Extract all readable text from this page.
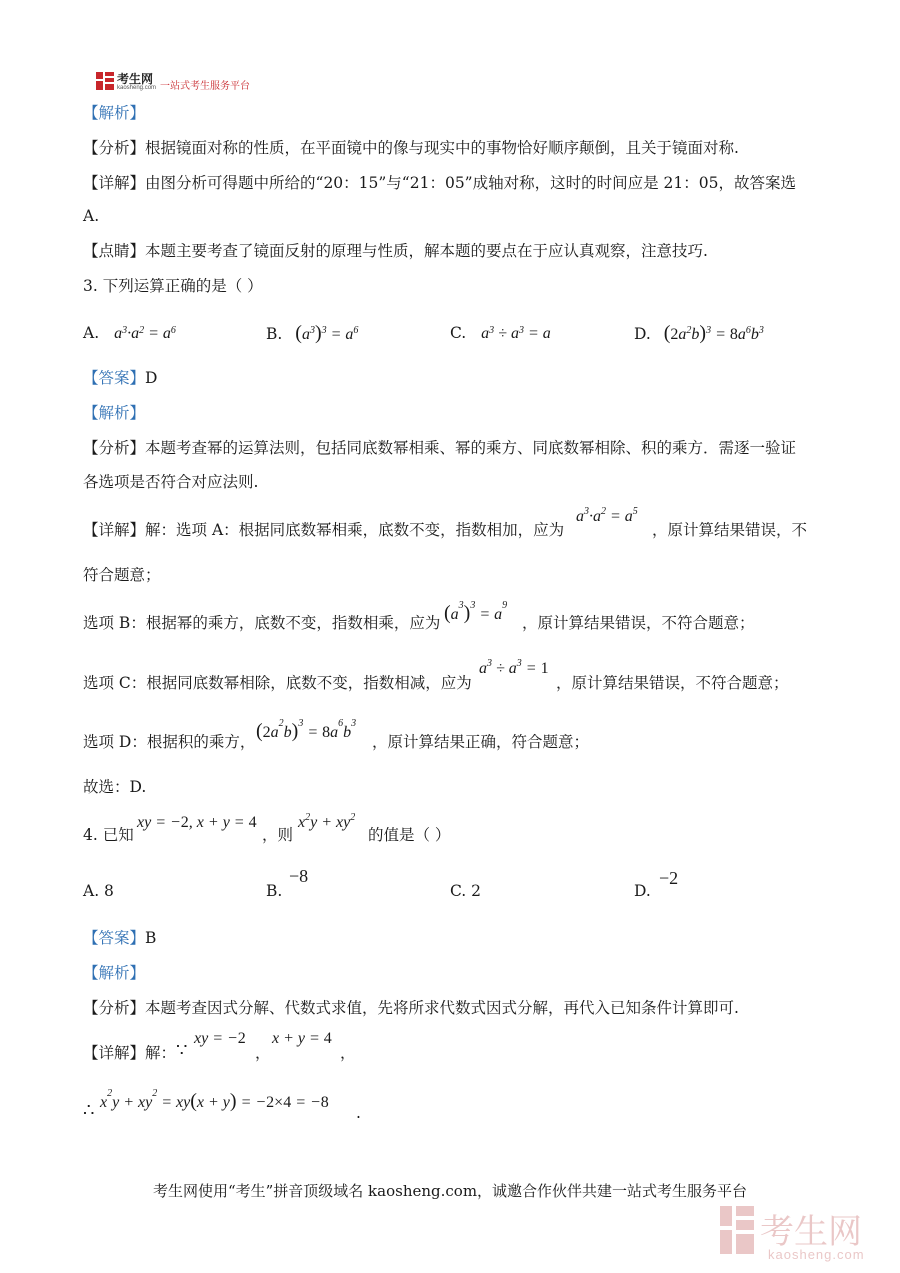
考生网
kaosheng.com 一站式考生服务平台
【解析】
【分析】根据镜面对称的性质，在平面镜中的像与现实中的事物恰好顺序颠倒，且关于镜面对称.
【详解】由图分析可得题中所给的“20：15”与“21：05”成轴对称，这时的时间应是 21：05，故答案选
A.
【点睛】本题主要考查了镜面反射的原理与性质，解本题的要点在于应认真观察，注意技巧.
3. 下列运算正确的是（ ）
A. $a^3\cdot a^2 = a^6$	B. $(a^3)^3 = a^6$	C. $a^3 \div a^3 = a$	D. $(2a^2b)^3 = 8a^6b^3$
【答案】D
【解析】
【分析】本题考查幂的运算法则，包括同底数幂相乘、幂的乘方、同底数幂相除、积的乘方．需逐一验证
各选项是否符合对应法则.
【详解】解：选项 A：根据同底数幂相乘，底数不变，指数相加，应为
$a^3\cdot a^2 = a^5$
，原计算结果错误，不
符合题意；
选项 B：根据幂的乘方，底数不变，指数相乘，应为 $(a^3)^3 = a^9$
，原计算结果错误，不符合题意；
选项 C：根据同底数幂相除，底数不变，指数相减，应为
$a^3 \div a^3 = 1$
，原计算结果错误，不符合题意；
选项 D：根据积的乘方， $(2a^2b)^3 = 8a^6b^3$
，原计算结果正确，符合题意；
故选：D.
4. 已知
xy = −2, x + y = 4
，则
$x^2y + xy^2$
的值是（ ）
A. 8	B.
−8
C. 2	D.
−2
【答案】B
【解析】
【分析】本题考查因式分解、代数式求值，先将所求代数式因式分解，再代入已知条件计算即可.
【详解】解： ∵
xy = −2
，
x + y = 4
，
∴ $x^2y + xy^2 = xy(x + y) = -2\times 4 = -8$
.
考生网使用“考生”拼音顶级域名 kaosheng.com，诚邀合作伙伴共建一站式考生服务平台
考生网
kaosheng.com
